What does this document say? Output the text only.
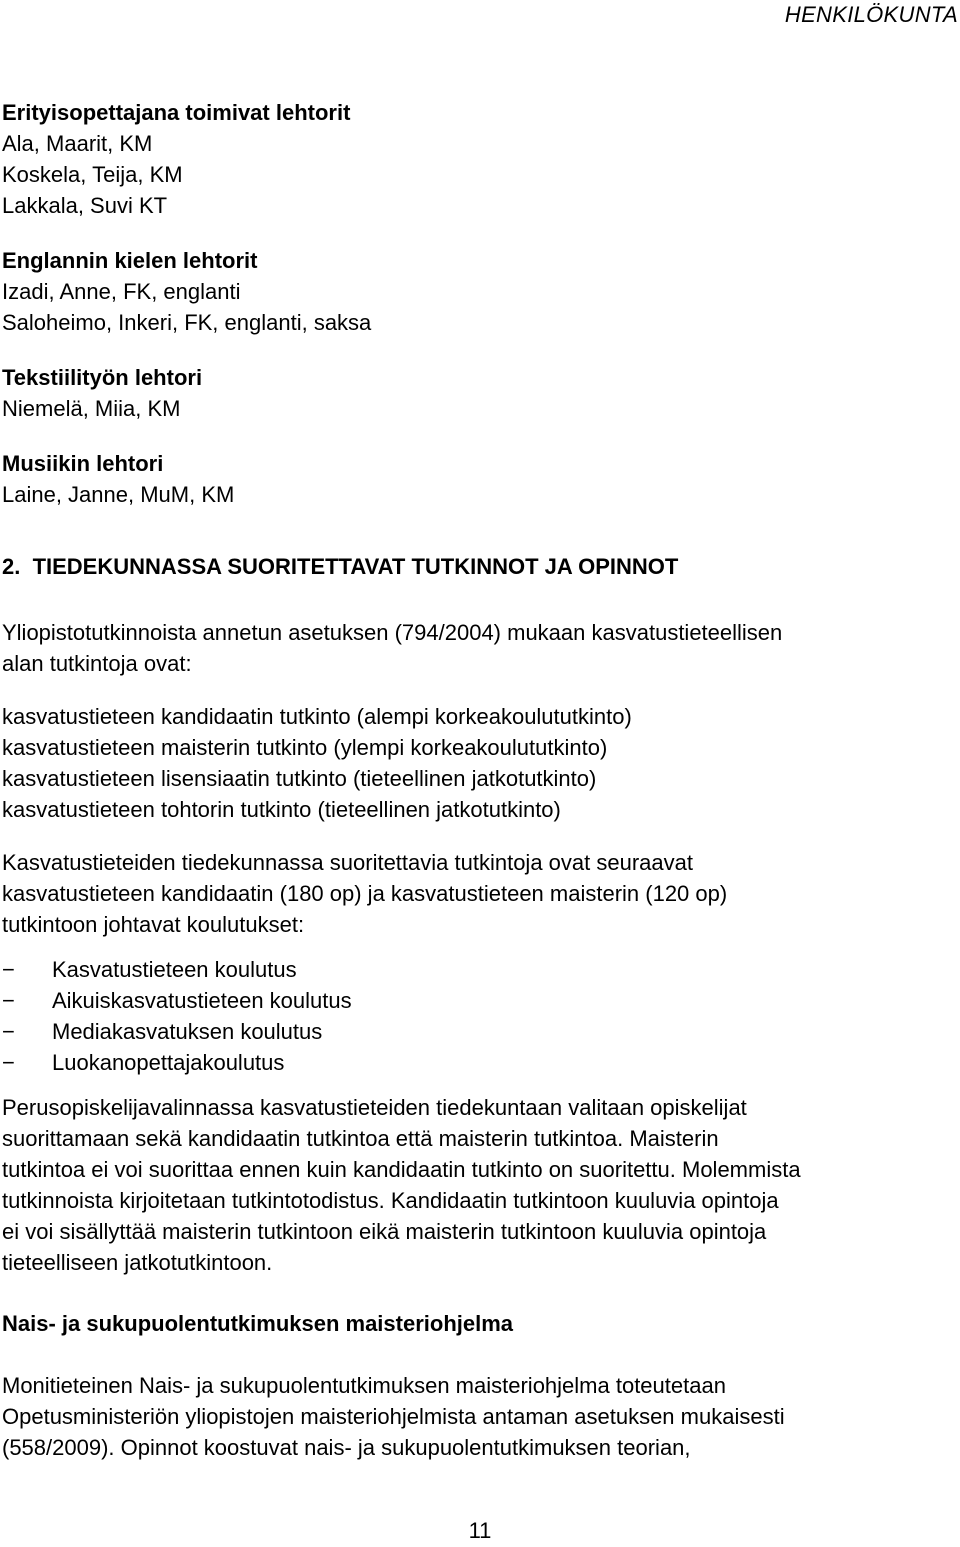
HENKILÖKUNTA

Erityisopettajana toimivat lehtorit

Ala, Maarit, KM

Koskela, Teija, KM

Lakkala, Suvi KT

Englannin kielen lehtorit

Izadi, Anne, FK, englanti

Saloheimo, Inkeri, FK, englanti, saksa

Tekstiilityön lehtori

Niemelä, Miia, KM

Musiikin lehtori

Laine, Janne, MuM, KM

2.  TIEDEKUNNASSA SUORITETTAVAT TUTKINNOT JA OPINNOT

Yliopistotutkinnoista annetun asetuksen (794/2004) mukaan kasvatustieteellisen

alan tutkintoja ovat:

kasvatustieteen kandidaatin tutkinto (alempi korkeakoulututkinto)

kasvatustieteen maisterin tutkinto (ylempi korkeakoulututkinto)

kasvatustieteen lisensiaatin tutkinto (tieteellinen jatkotutkinto)

kasvatustieteen tohtorin tutkinto (tieteellinen jatkotutkinto)

Kasvatustieteiden tiedekunnassa suoritettavia tutkintoja ovat seuraavat

kasvatustieteen kandidaatin (180 op) ja kasvatustieteen maisterin (120 op)

tutkintoon johtavat koulutukset:

−	Kasvatustieteen koulutus
−	Aikuiskasvatustieteen koulutus
−	Mediakasvatuksen koulutus
−	Luokanopettajakoulutus

Perusopiskelijavalinnassa kasvatustieteiden tiedekuntaan valitaan opiskelijat

suorittamaan sekä kandidaatin tutkintoa että maisterin tutkintoa. Maisterin

tutkintoa ei voi suorittaa ennen kuin kandidaatin tutkinto on suoritettu. Molemmista

tutkinnoista kirjoitetaan tutkintotodistus. Kandidaatin tutkintoon kuuluvia opintoja

ei voi sisällyttää maisterin tutkintoon eikä maisterin tutkintoon kuuluvia opintoja

tieteelliseen jatkotutkintoon.

Nais- ja sukupuolentutkimuksen maisteriohjelma

Monitieteinen Nais- ja sukupuolentutkimuksen maisteriohjelma toteutetaan

Opetusministeriön yliopistojen maisteriohjelmista antaman asetuksen mukaisesti

(558/2009). Opinnot koostuvat nais- ja sukupuolentutkimuksen teorian,

11
